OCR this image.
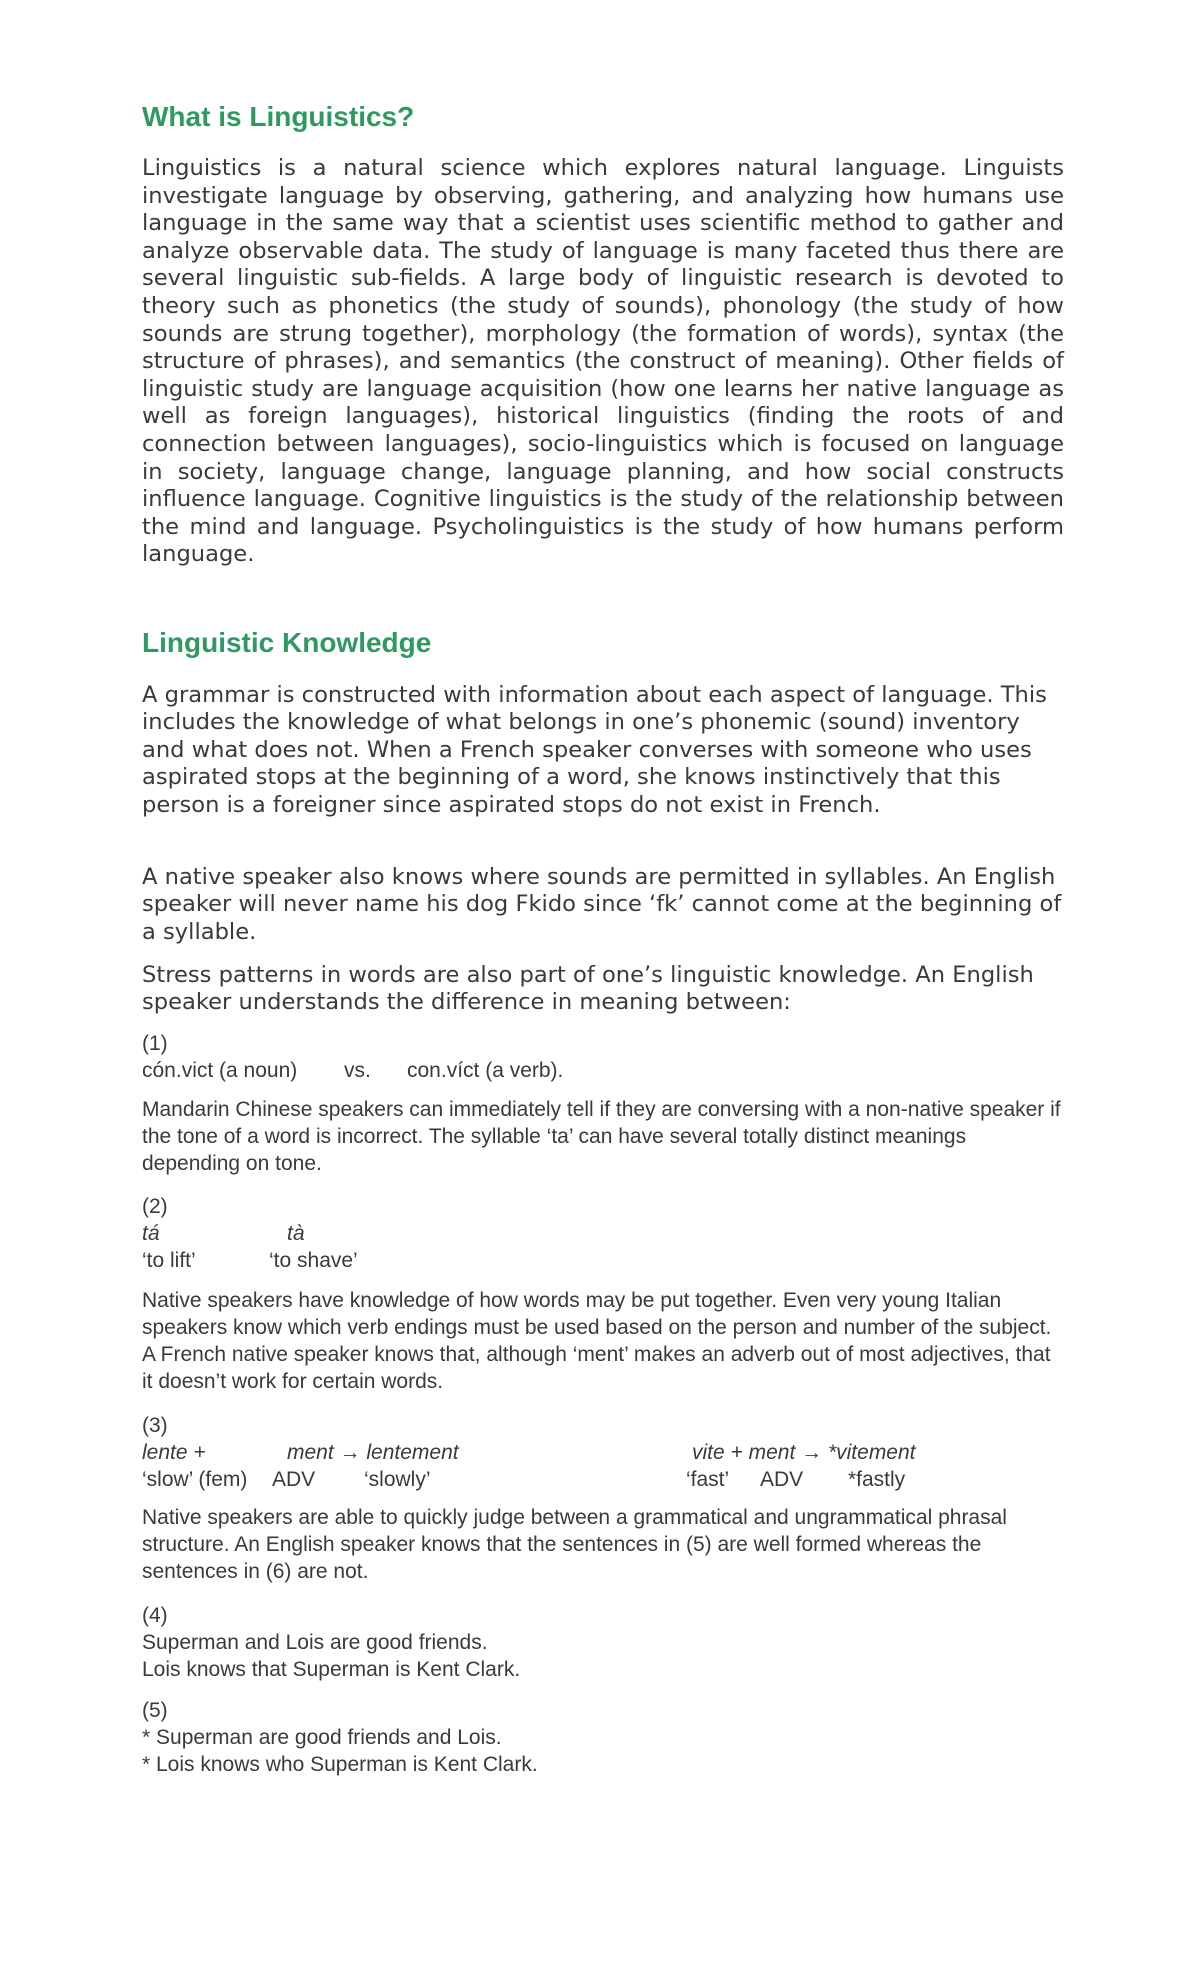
What is Linguistics?

Linguistics is a natural science which explores natural language. Linguists investigate language by observing, gathering, and analyzing how humans use language in the same way that a scientist uses scientific method to gather and analyze observable data. The study of language is many faceted thus there are several linguistic sub-fields. A large body of linguistic research is devoted to theory such as phonetics (the study of sounds), phonology (the study of how sounds are strung together), morphology (the formation of words), syntax (the structure of phrases), and semantics (the construct of meaning). Other fields of linguistic study are language acquisition (how one learns her native language as well as foreign languages), historical linguistics (finding the roots of and connection between languages), socio-linguistics which is focused on language in society, language change, language planning, and how social constructs influence language. Cognitive linguistics is the study of the relationship between the mind and language. Psycholinguistics is the study of how humans perform language.

Linguistic Knowledge

A grammar is constructed with information about each aspect of language. This includes the knowledge of what belongs in one’s phonemic (sound) inventory and what does not. When a French speaker converses with someone who uses aspirated stops at the beginning of a word, she knows instinctively that this person is a foreigner since aspirated stops do not exist in French.

A native speaker also knows where sounds are permitted in syllables. An English speaker will never name his dog Fkido since ‘fk’ cannot come at the beginning of a syllable.

Stress patterns in words are also part of one’s linguistic knowledge. An English speaker understands the difference in meaning between:

(1)
cón.vict (a noun) vs. con.víct (a verb).

Mandarin Chinese speakers can immediately tell if they are conversing with a non-native speaker if the tone of a word is incorrect. The syllable ‘ta’ can have several totally distinct meanings depending on tone.

(2)
tá	tà
‘to lift’	‘to shave’

Native speakers have knowledge of how words may be put together. Even very young Italian speakers know which verb endings must be used based on the person and number of the subject. A French native speaker knows that, although ‘ment’ makes an adverb out of most adjectives, that it doesn’t work for certain words.

(3)
lente +	ment → lentement	vite + ment → *vitement
‘slow’ (fem) ADV ‘slowly’	‘fast’ ADV *fastly

Native speakers are able to quickly judge between a grammatical and ungrammatical phrasal structure. An English speaker knows that the sentences in (5) are well formed whereas the sentences in (6) are not.

(4)
Superman and Lois are good friends.
Lois knows that Superman is Kent Clark.
(5)
* Superman are good friends and Lois.
* Lois knows who Superman is Kent Clark.
